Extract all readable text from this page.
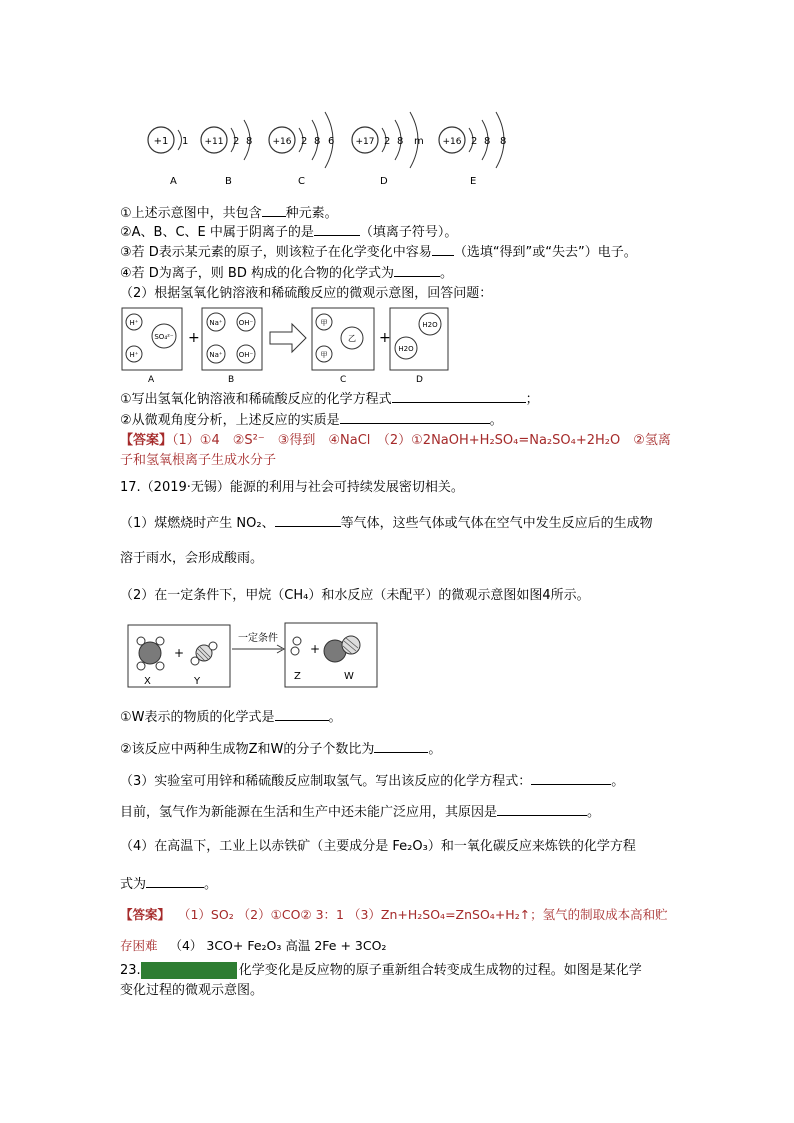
+1 1
A
+11 2 8
B
+16 2 8 6
C
+17 2 8 m
D
+16 2 8 8
E
①上述示意图中，共包含 种元素。
②A、B、C、E 中属于阴离子的是	（填离子符号）。
③若 D表示某元素的原子，则该粒子在化学变化中容易 （选填“得到”或“失去”）电子。
④若 D为离子，则 BD 构成的化合物的化学式为	。
（2）根据氢氧化钠溶液和稀硫酸反应的微观示意图，回答问题：
H⁺
SO₄²⁻
H⁺
A
+
Na⁺ OH⁻
Na⁺ OH⁻
B
甲
乙
甲
C
+
H2O
H2O
D
①写出氢氧化钠溶液和稀硫酸反应的化学方程式	；
②从微观角度分析，上述反应的实质是	。
【答案】（1）①4　②S²⁻　③得到　④NaCl　（2）①2NaOH+H₂SO₄=Na₂SO₄+2H₂O　②氢离
子和氢氧根离子生成水分子
17.（2019·无锡）能源的利用与社会可持续发展密切相关。
（1）煤燃烧时产生 NO₂、	等气体，这些气体或气体在空气中发生反应后的生成物
溶于雨水，会形成酸雨。
（2）在一定条件下，甲烷（CH₄）和水反应（未配平）的微观示意图如图4所示。
X
+
Y
一定条件
Z
+
W
①W表示的物质的化学式是	。
②该反应中两种生成物Z和W的分子个数比为	。
（3）实验室可用锌和稀硫酸反应制取氢气。写出该反应的化学方程式：	。
目前，氢气作为新能源在生活和生产中还未能广泛应用，其原因是	。
（4）在高温下，工业上以赤铁矿（主要成分是 Fe₂O₃）和一氧化碳反应来炼铁的化学方程
式为	。
【答案】 （1）SO₂ （2）①CO② 3：1 （3）Zn+H₂SO₄=ZnSO₄+H₂↑；氢气的制取成本高和贮
存困难 （4） 3CO+ Fe₂O₃ 高温 2Fe + 3CO₂
23.	化学变化是反应物的原子重新组合转变成生成物的过程。如图是某化学
变化过程的微观示意图。
